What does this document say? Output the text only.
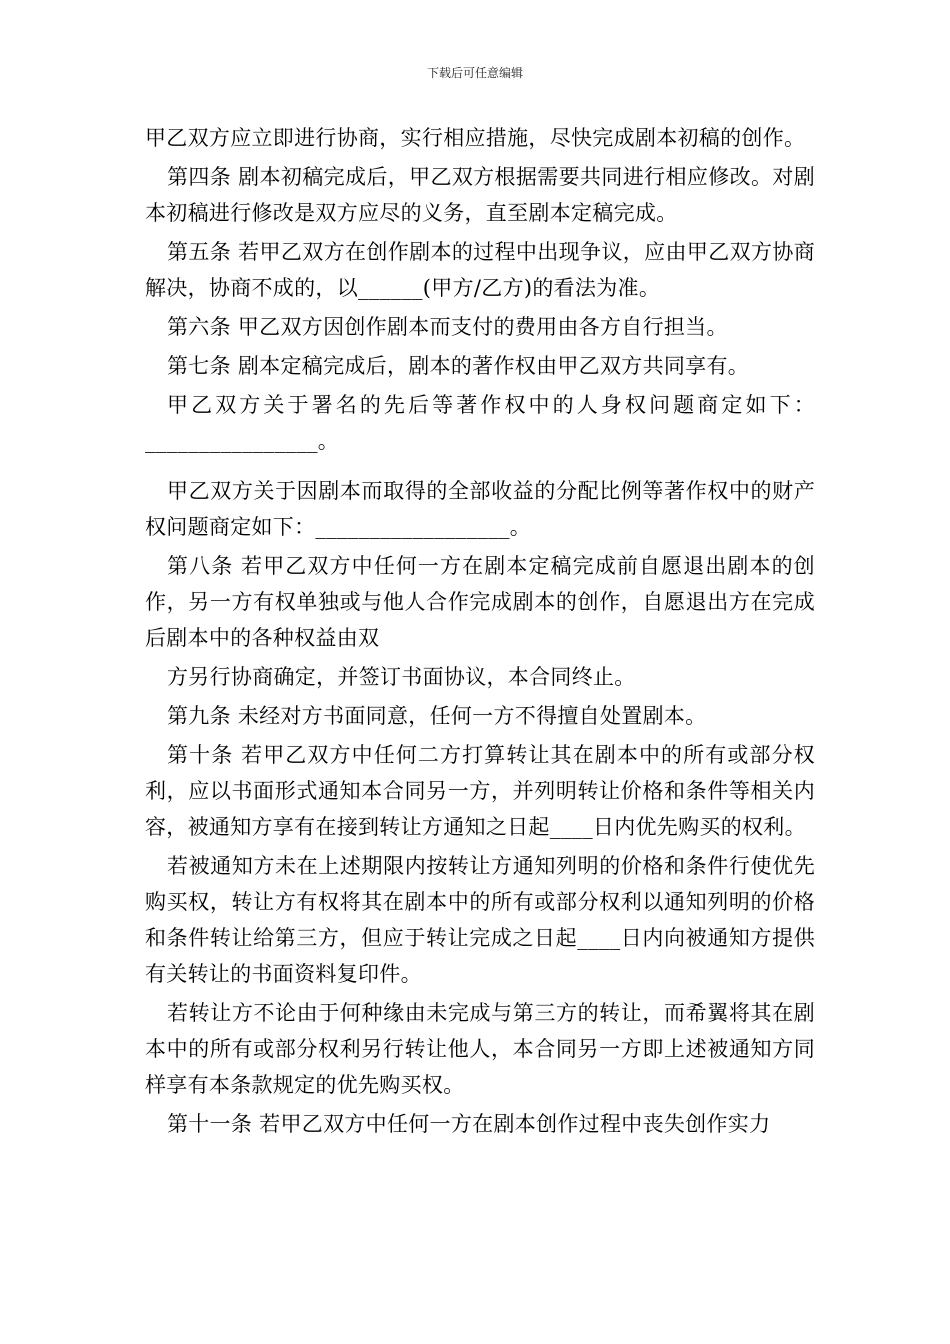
下载后可任意编辑

甲乙双方应立即进行协商，实行相应措施，尽快完成剧本初稿的创作。

第四条 剧本初稿完成后，甲乙双方根据需要共同进行相应修改。对剧本初稿进行修改是双方应尽的义务，直至剧本定稿完成。

第五条 若甲乙双方在创作剧本的过程中出现争议，应由甲乙双方协商解决，协商不成的，以______(甲方/乙方)的看法为准。

第六条 甲乙双方因创作剧本而支付的费用由各方自行担当。

第七条 剧本定稿完成后，剧本的著作权由甲乙双方共同享有。

甲乙双方关于署名的先后等著作权中的人身权问题商定如下：________________。

甲乙双方关于因剧本而取得的全部收益的分配比例等著作权中的财产权问题商定如下：__________________。

第八条 若甲乙双方中任何一方在剧本定稿完成前自愿退出剧本的创作，另一方有权单独或与他人合作完成剧本的创作，自愿退出方在完成后剧本中的各种权益由双

方另行协商确定，并签订书面协议，本合同终止。

第九条 未经对方书面同意，任何一方不得擅自处置剧本。

第十条 若甲乙双方中任何二方打算转让其在剧本中的所有或部分权利，应以书面形式通知本合同另一方，并列明转让价格和条件等相关内容，被通知方享有在接到转让方通知之日起____日内优先购买的权利。

若被通知方未在上述期限内按转让方通知列明的价格和条件行使优先购买权，转让方有权将其在剧本中的所有或部分权利以通知列明的价格和条件转让给第三方，但应于转让完成之日起____日内向被通知方提供有关转让的书面资料复印件。

若转让方不论由于何种缘由未完成与第三方的转让，而希翼将其在剧本中的所有或部分权利另行转让他人，本合同另一方即上述被通知方同样享有本条款规定的优先购买权。

第十一条 若甲乙双方中任何一方在剧本创作过程中丧失创作实力
